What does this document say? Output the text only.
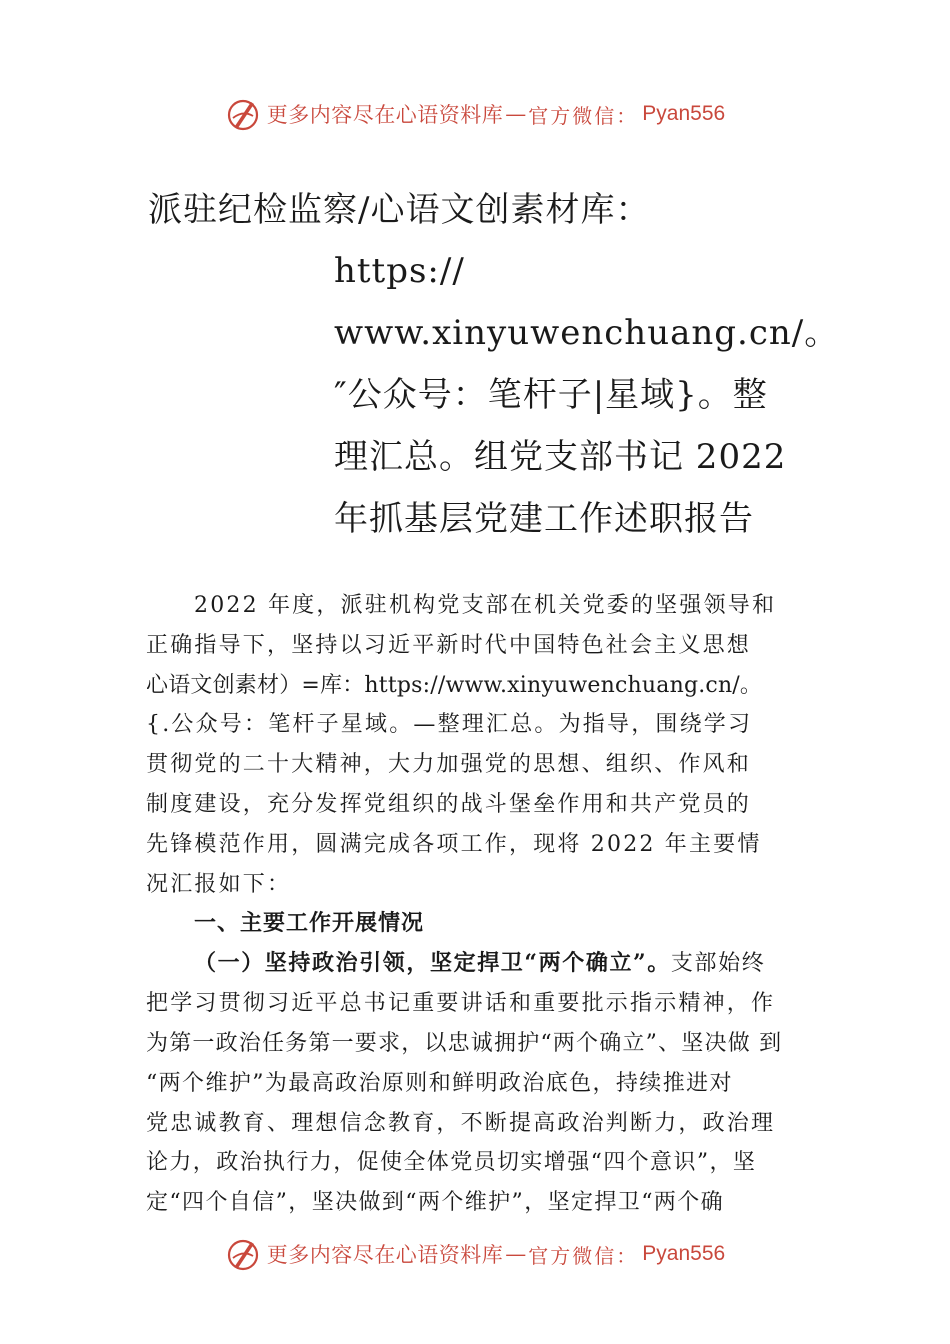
更多内容尽在心语资料库 — 官方微信： Pyan556
派驻纪检监察/心语文创素材库：
https://
www.xinyuwenchuang.cn/。
″公众号：笔杆子|星域}。整
理汇总。组党支部书记 2022
年抓基层党建工作述职报告

2022 年度，派驻机构党支部在机关党委的坚强领导和
正确指导下，坚持以习近平新时代中国特色社会主义思想
心语文创素材）=库：https://www.xinyuwenchuang.cn/。
{.公众号：笔杆子星域。—整理汇总。为指导，围绕学习
贯彻党的二十大精神，大力加强党的思想、组织、作风和
制度建设，充分发挥党组织的战斗堡垒作用和共产党员的
先锋模范作用，圆满完成各项工作，现将 2022 年主要情
况汇报如下：

一、主要工作开展情况

（一）坚持政治引领，坚定捍卫“两个确立”。支部始终
把学习贯彻习近平总书记重要讲话和重要批示指示精神，作
为第一政治任务第一要求，以忠诚拥护“两个确立”、坚决做 到
“两个维护”为最高政治原则和鲜明政治底色，持续推进对
党忠诚教育、理想信念教育，不断提高政治判断力，政治理
论力，政治执行力，促使全体党员切实增强“四个意识”，坚
定“四个自信”，坚决做到“两个维护”，坚定捍卫“两个确

更多内容尽在心语资料库 — 官方微信： Pyan556
